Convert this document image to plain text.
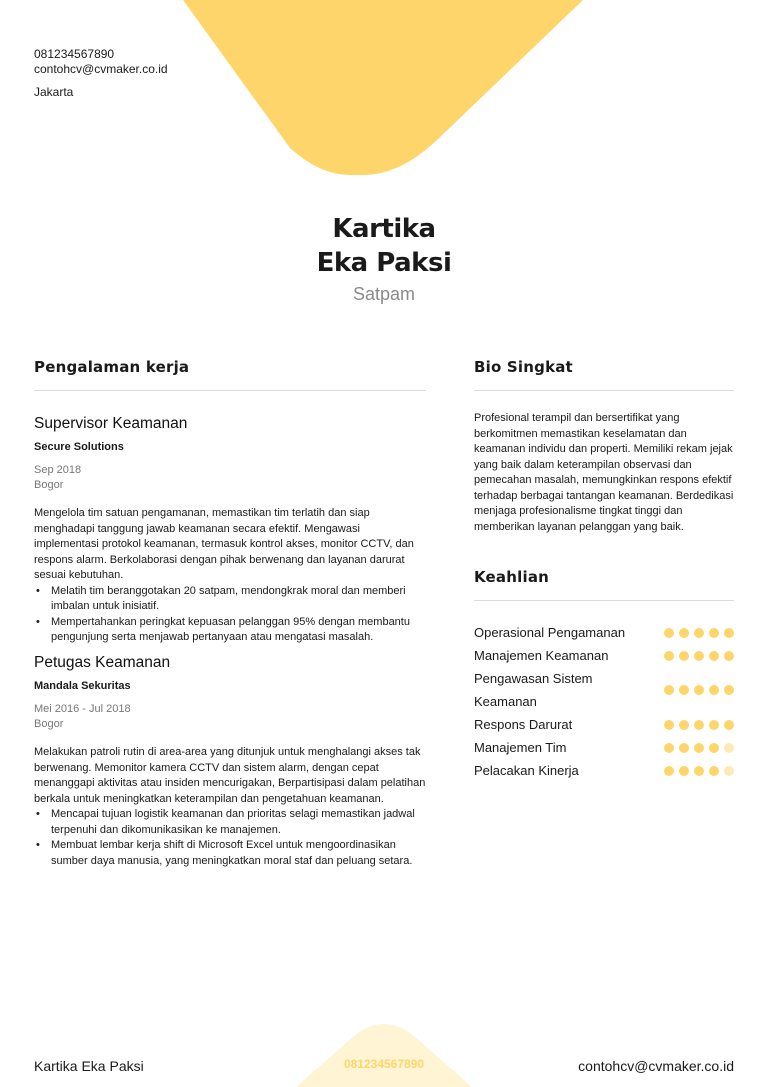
081234567890
contohcv@cvmaker.co.id
Jakarta
Kartika
Eka Paksi
Satpam
Pengalaman kerja
Supervisor Keamanan
Secure Solutions
Sep 2018
Bogor
Mengelola tim satuan pengamanan, memastikan tim terlatih dan siap menghadapi tanggung jawab keamanan secara efektif. Mengawasi implementasi protokol keamanan, termasuk kontrol akses, monitor CCTV, dan respons alarm. Berkolaborasi dengan pihak berwenang dan layanan darurat sesuai kebutuhan.
• Melatih tim beranggotakan 20 satpam, mendongkrak moral dan memberi imbalan untuk inisiatif.
• Mempertahankan peringkat kepuasan pelanggan 95% dengan membantu pengunjung serta menjawab pertanyaan atau mengatasi masalah.
Petugas Keamanan
Mandala Sekuritas
Mei 2016 - Jul 2018
Bogor
Melakukan patroli rutin di area-area yang ditunjuk untuk menghalangi akses tak berwenang. Memonitor kamera CCTV dan sistem alarm, dengan cepat menanggapi aktivitas atau insiden mencurigakan, Berpartisipasi dalam pelatihan berkala untuk meningkatkan keterampilan dan pengetahuan keamanan.
• Mencapai tujuan logistik keamanan dan prioritas selagi memastikan jadwal terpenuhi dan dikomunikasikan ke manajemen.
• Membuat lembar kerja shift di Microsoft Excel untuk mengoordinasikan sumber daya manusia, yang meningkatkan moral staf dan peluang setara.
Bio Singkat
Profesional terampil dan bersertifikat yang berkomitmen memastikan keselamatan dan keamanan individu dan properti. Memiliki rekam jejak yang baik dalam keterampilan observasi dan pemecahan masalah, memungkinkan respons efektif terhadap berbagai tantangan keamanan. Berdedikasi menjaga profesionalisme tingkat tinggi dan memberikan layanan pelanggan yang baik.
Keahlian
Operasional Pengamanan
Manajemen Keamanan
Pengawasan Sistem Keamanan
Respons Darurat
Manajemen Tim
Pelacakan Kinerja
Kartika Eka Paksi	081234567890	contohcv@cvmaker.co.id
